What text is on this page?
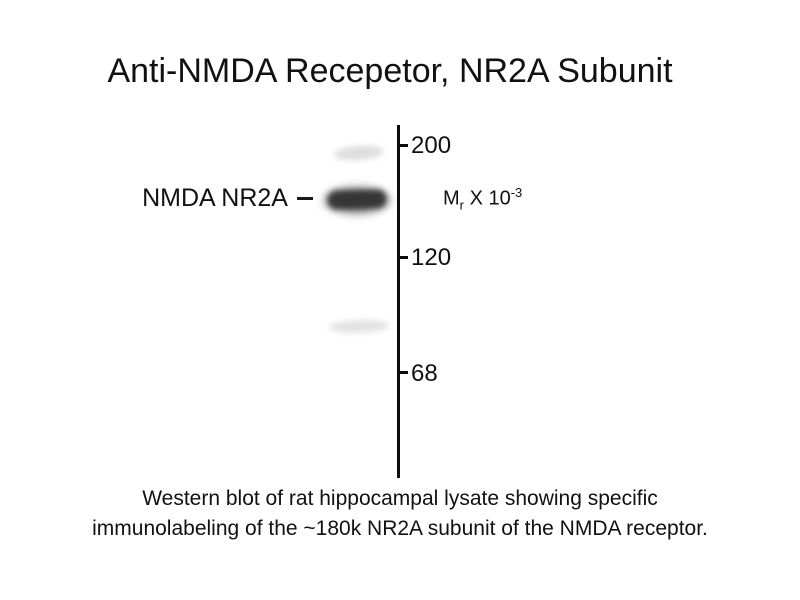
Anti-NMDA Recepetor, NR2A Subunit
200
120
68
$M_r$ X $10^{-3}$
NMDA NR2A
Western blot of rat hippocampal lysate showing specific
immunolabeling of the ~180k NR2A subunit of the NMDA receptor.
